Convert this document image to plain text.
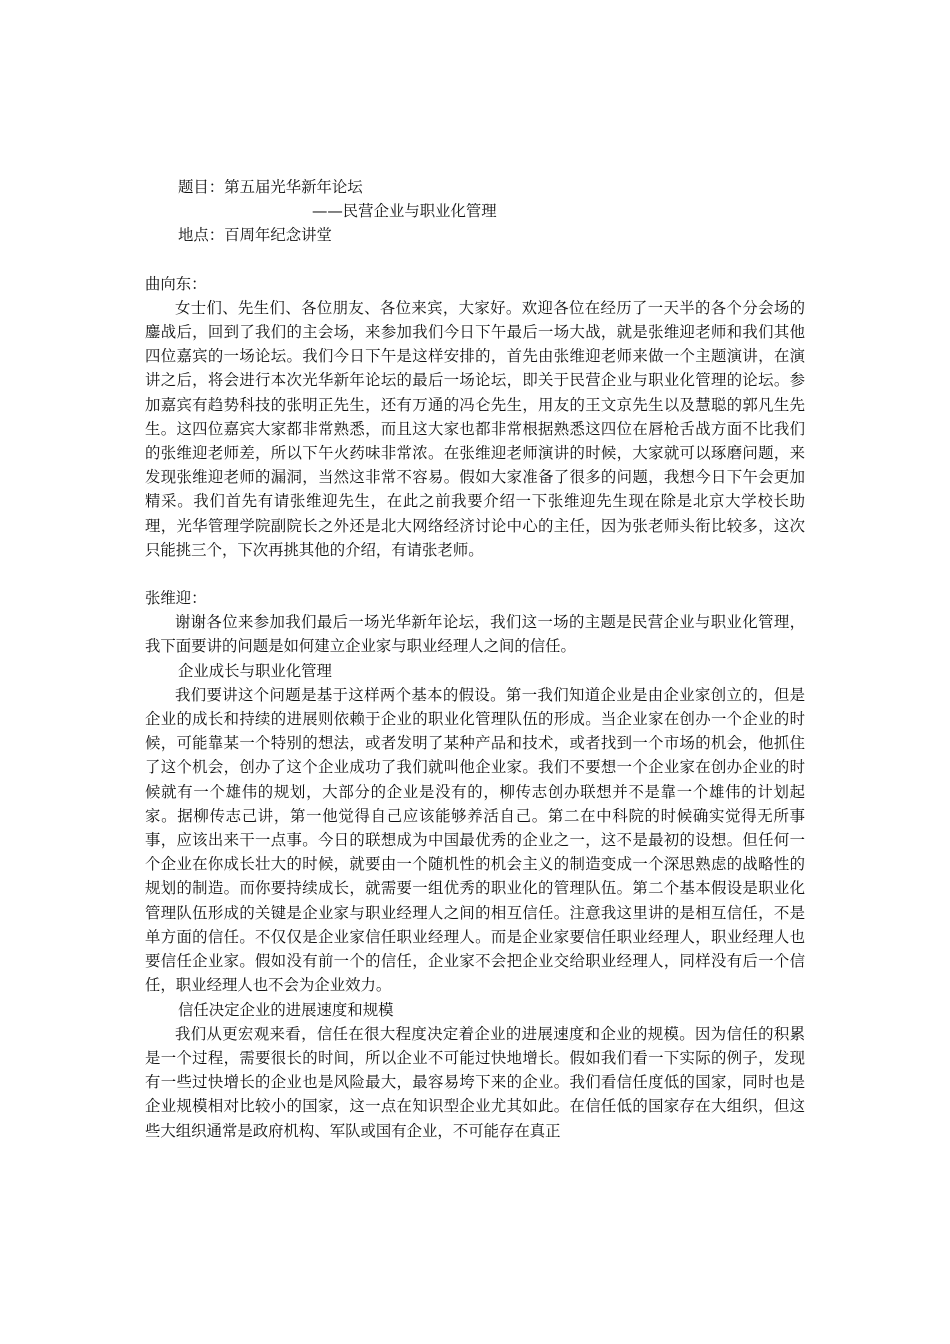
题目：第五届光华新年论坛

——民营企业与职业化管理

地点：百周年纪念讲堂

曲向东：

女士们、先生们、各位朋友、各位来宾，大家好。欢迎各位在经历了一天半的各个分会场的鏖战后，回到了我们的主会场，来参加我们今日下午最后一场大战，就是张维迎老师和我们其他四位嘉宾的一场论坛。我们今日下午是这样安排的，首先由张维迎老师来做一个主题演讲，在演讲之后，将会进行本次光华新年论坛的最后一场论坛，即关于民营企业与职业化管理的论坛。参加嘉宾有趋势科技的张明正先生，还有万通的冯仑先生，用友的王文京先生以及慧聪的郭凡生先生。这四位嘉宾大家都非常熟悉，而且这大家也都非常根据熟悉这四位在唇枪舌战方面不比我们的张维迎老师差，所以下午火药味非常浓。在张维迎老师演讲的时候，大家就可以琢磨问题，来发现张维迎老师的漏洞，当然这非常不容易。假如大家准备了很多的问题，我想今日下午会更加精采。我们首先有请张维迎先生，在此之前我要介绍一下张维迎先生现在除是北京大学校长助理，光华管理学院副院长之外还是北大网络经济讨论中心的主任，因为张老师头衔比较多，这次只能挑三个，下次再挑其他的介绍，有请张老师。

张维迎：

谢谢各位来参加我们最后一场光华新年论坛，我们这一场的主题是民营企业与职业化管理，我下面要讲的问题是如何建立企业家与职业经理人之间的信任。

企业成长与职业化管理

我们要讲这个问题是基于这样两个基本的假设。第一我们知道企业是由企业家创立的，但是企业的成长和持续的进展则依赖于企业的职业化管理队伍的形成。当企业家在创办一个企业的时候，可能靠某一个特别的想法，或者发明了某种产品和技术，或者找到一个市场的机会，他抓住了这个机会，创办了这个企业成功了我们就叫他企业家。我们不要想一个企业家在创办企业的时候就有一个雄伟的规划，大部分的企业是没有的，柳传志创办联想并不是靠一个雄伟的计划起家。据柳传志己讲，第一他觉得自己应该能够养活自己。第二在中科院的时候确实觉得无所事事，应该出来干一点事。今日的联想成为中国最优秀的企业之一，这不是最初的设想。但任何一个企业在你成长壮大的时候，就要由一个随机性的机会主义的制造变成一个深思熟虑的战略性的规划的制造。而你要持续成长，就需要一组优秀的职业化的管理队伍。第二个基本假设是职业化管理队伍形成的关键是企业家与职业经理人之间的相互信任。注意我这里讲的是相互信任，不是单方面的信任。不仅仅是企业家信任职业经理人。而是企业家要信任职业经理人，职业经理人也要信任企业家。假如没有前一个的信任，企业家不会把企业交给职业经理人，同样没有后一个信任，职业经理人也不会为企业效力。

信任决定企业的进展速度和规模

我们从更宏观来看，信任在很大程度决定着企业的进展速度和企业的规模。因为信任的积累是一个过程，需要很长的时间，所以企业不可能过快地增长。假如我们看一下实际的例子，发现有一些过快增长的企业也是风险最大，最容易垮下来的企业。我们看信任度低的国家，同时也是企业规模相对比较小的国家，这一点在知识型企业尤其如此。在信任低的国家存在大组织，但这些大组织通常是政府机构、军队或国有企业，不可能存在真正
